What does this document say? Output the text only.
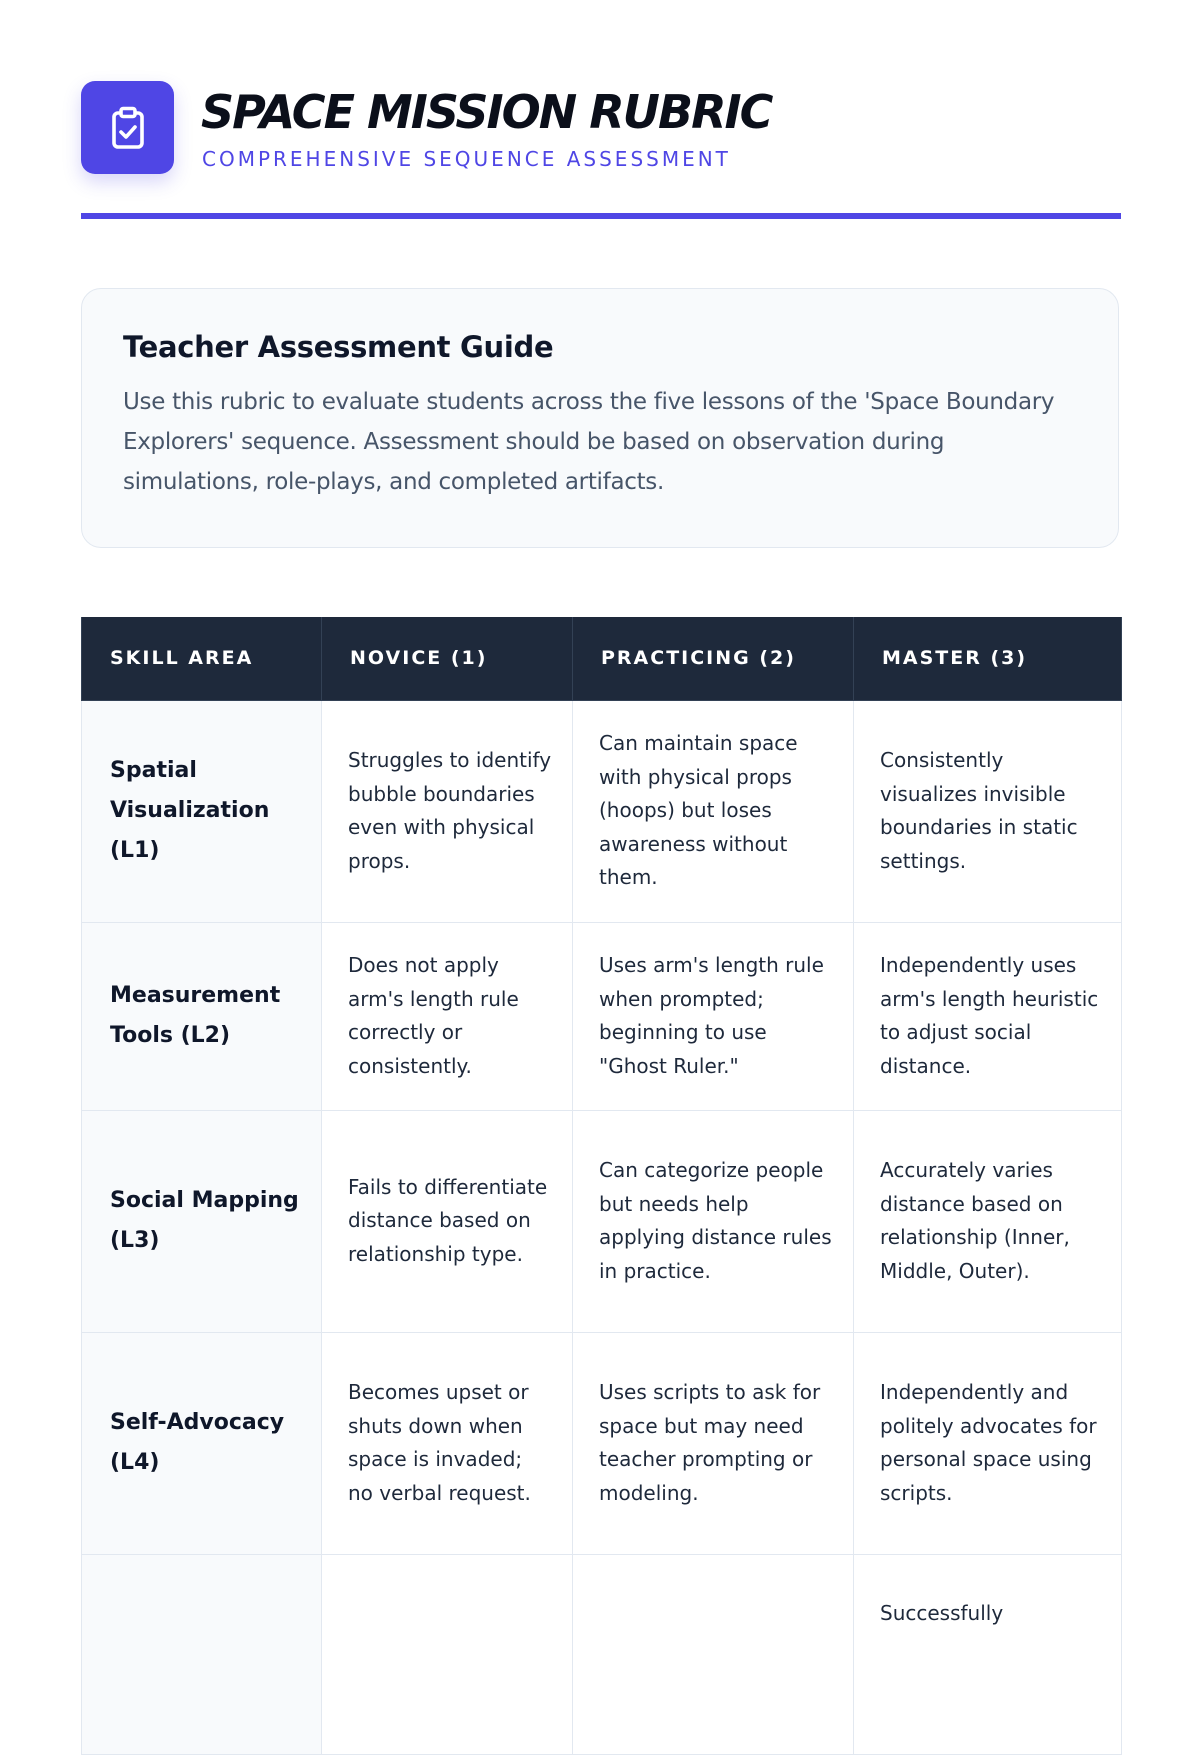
SPACE MISSION RUBRIC
COMPREHENSIVE SEQUENCE ASSESSMENT
Teacher Assessment Guide

Use this rubric to evaluate students across the five lessons of the 'Space Boundary Explorers' sequence. Assessment should be based on observation during simulations, role-plays, and completed artifacts.

SKILL AREA	NOVICE (1)	PRACTICING (2)	MASTER (3)
Spatial Visualization (L1)	Struggles to identify bubble boundaries even with physical props.	Can maintain space with physical props (hoops) but loses awareness without them.	Consistently visualizes invisible boundaries in static settings.
Measurement Tools (L2)	Does not apply arm's length rule correctly or consistently.	Uses arm's length rule when prompted; beginning to use "Ghost Ruler."	Independently uses arm's length heuristic to adjust social distance.
Social Mapping (L3)	Fails to differentiate distance based on relationship type.	Can categorize people but needs help applying distance rules in practice.	Accurately varies distance based on relationship (Inner, Middle, Outer).
Self-Advocacy (L4)	Becomes upset or shuts down when space is invaded; no verbal request.	Uses scripts to ask for space but may need teacher prompting or modeling.	Independently and politely advocates for personal space using scripts.
			Successfully
